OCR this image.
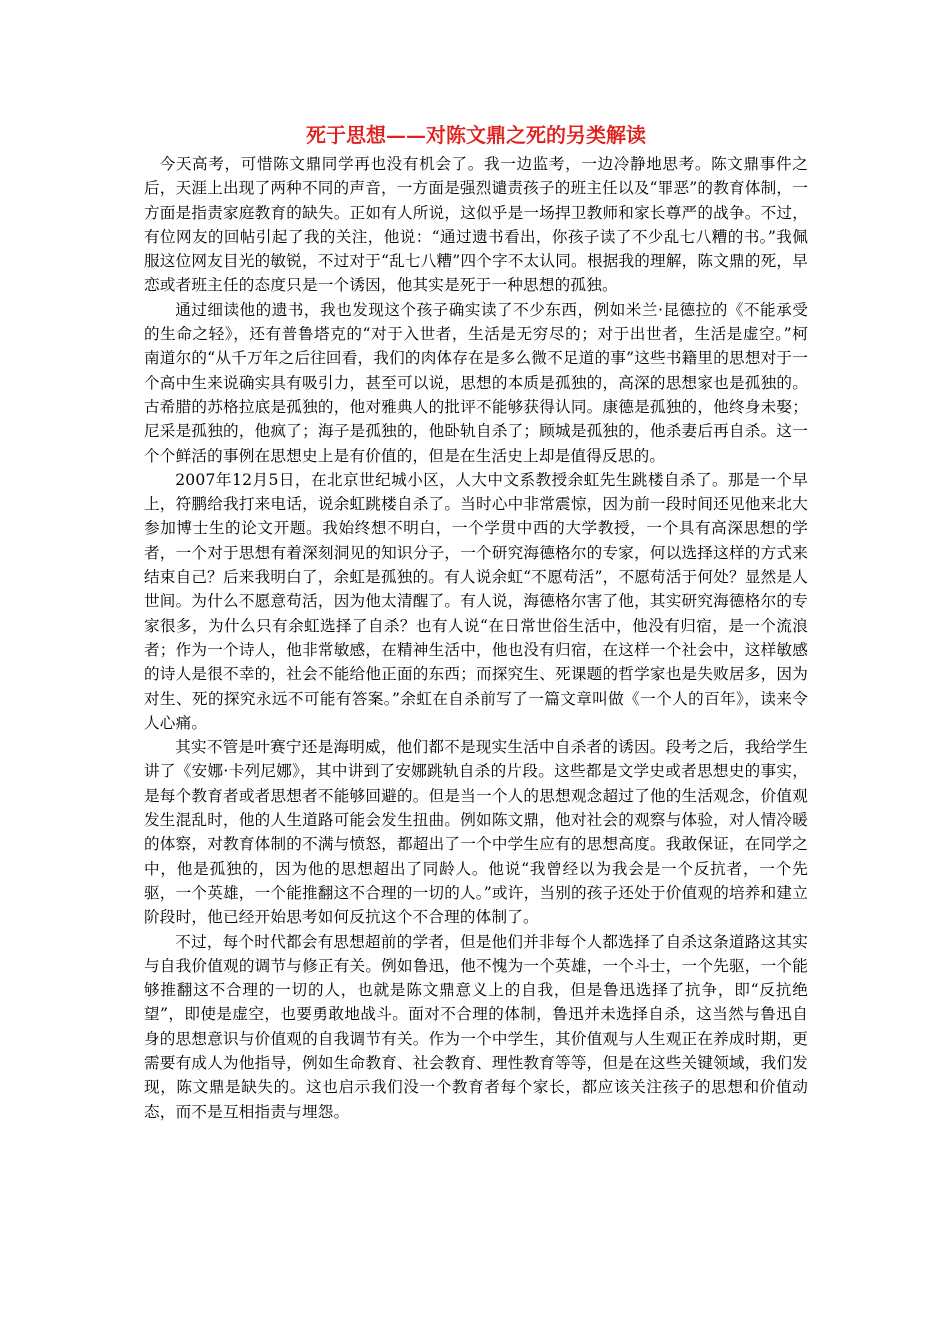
死于思想——对陈文鼎之死的另类解读

今天高考，可惜陈文鼎同学再也没有机会了。我一边监考，一边冷静地思考。陈文鼎事件之后，天涯上出现了两种不同的声音，一方面是强烈谴责孩子的班主任以及“罪恶”的教育体制，一方面是指责家庭教育的缺失。正如有人所说，这似乎是一场捍卫教师和家长尊严的战争。不过，有位网友的回帖引起了我的关注，他说：“通过遗书看出，你孩子读了不少乱七八糟的书。”我佩服这位网友目光的敏锐，不过对于“乱七八糟”四个字不太认同。根据我的理解，陈文鼎的死，早恋或者班主任的态度只是一个诱因，他其实是死于一种思想的孤独。

通过细读他的遗书，我也发现这个孩子确实读了不少东西，例如米兰·昆德拉的《不能承受的生命之轻》，还有普鲁塔克的“对于入世者，生活是无穷尽的；对于出世者，生活是虚空。”柯南道尔的“从千万年之后往回看，我们的肉体存在是多么微不足道的事”这些书籍里的思想对于一个高中生来说确实具有吸引力，甚至可以说，思想的本质是孤独的，高深的思想家也是孤独的。古希腊的苏格拉底是孤独的，他对雅典人的批评不能够获得认同。康德是孤独的，他终身未娶；尼采是孤独的，他疯了；海子是孤独的，他卧轨自杀了；顾城是孤独的，他杀妻后再自杀。这一个个鲜活的事例在思想史上是有价值的，但是在生活史上却是值得反思的。

2007年12月5日，在北京世纪城小区，人大中文系教授余虹先生跳楼自杀了。那是一个早上，符鹏给我打来电话，说余虹跳楼自杀了。当时心中非常震惊，因为前一段时间还见他来北大参加博士生的论文开题。我始终想不明白，一个学贯中西的大学教授，一个具有高深思想的学者，一个对于思想有着深刻洞见的知识分子，一个研究海德格尔的专家，何以选择这样的方式来结束自己？后来我明白了，余虹是孤独的。有人说余虹“不愿苟活”，不愿苟活于何处？显然是人世间。为什么不愿意苟活，因为他太清醒了。有人说，海德格尔害了他，其实研究海德格尔的专家很多，为什么只有余虹选择了自杀？也有人说“在日常世俗生活中，他没有归宿，是一个流浪者；作为一个诗人，他非常敏感，在精神生活中，他也没有归宿，在这样一个社会中，这样敏感的诗人是很不幸的，社会不能给他正面的东西；而探究生、死课题的哲学家也是失败居多，因为对生、死的探究永远不可能有答案。”余虹在自杀前写了一篇文章叫做《一个人的百年》，读来令人心痛。

其实不管是叶赛宁还是海明威，他们都不是现实生活中自杀者的诱因。段考之后，我给学生讲了《安娜·卡列尼娜》，其中讲到了安娜跳轨自杀的片段。这些都是文学史或者思想史的事实，是每个教育者或者思想者不能够回避的。但是当一个人的思想观念超过了他的生活观念，价值观发生混乱时，他的人生道路可能会发生扭曲。例如陈文鼎，他对社会的观察与体验，对人情冷暖的体察，对教育体制的不满与愤怒，都超出了一个中学生应有的思想高度。我敢保证，在同学之中，他是孤独的，因为他的思想超出了同龄人。他说“我曾经以为我会是一个反抗者，一个先驱，一个英雄，一个能推翻这不合理的一切的人。”或许，当别的孩子还处于价值观的培养和建立阶段时，他已经开始思考如何反抗这个不合理的体制了。

不过，每个时代都会有思想超前的学者，但是他们并非每个人都选择了自杀这条道路这其实与自我价值观的调节与修正有关。例如鲁迅，他不愧为一个英雄，一个斗士，一个先驱，一个能够推翻这不合理的一切的人，也就是陈文鼎意义上的自我，但是鲁迅选择了抗争，即“反抗绝望”，即使是虚空，也要勇敢地战斗。面对不合理的体制，鲁迅并未选择自杀，这当然与鲁迅自身的思想意识与价值观的自我调节有关。作为一个中学生，其价值观与人生观正在养成时期，更需要有成人为他指导，例如生命教育、社会教育、理性教育等等，但是在这些关键领域，我们发现，陈文鼎是缺失的。这也启示我们没一个教育者每个家长，都应该关注孩子的思想和价值动态，而不是互相指责与埋怨。
